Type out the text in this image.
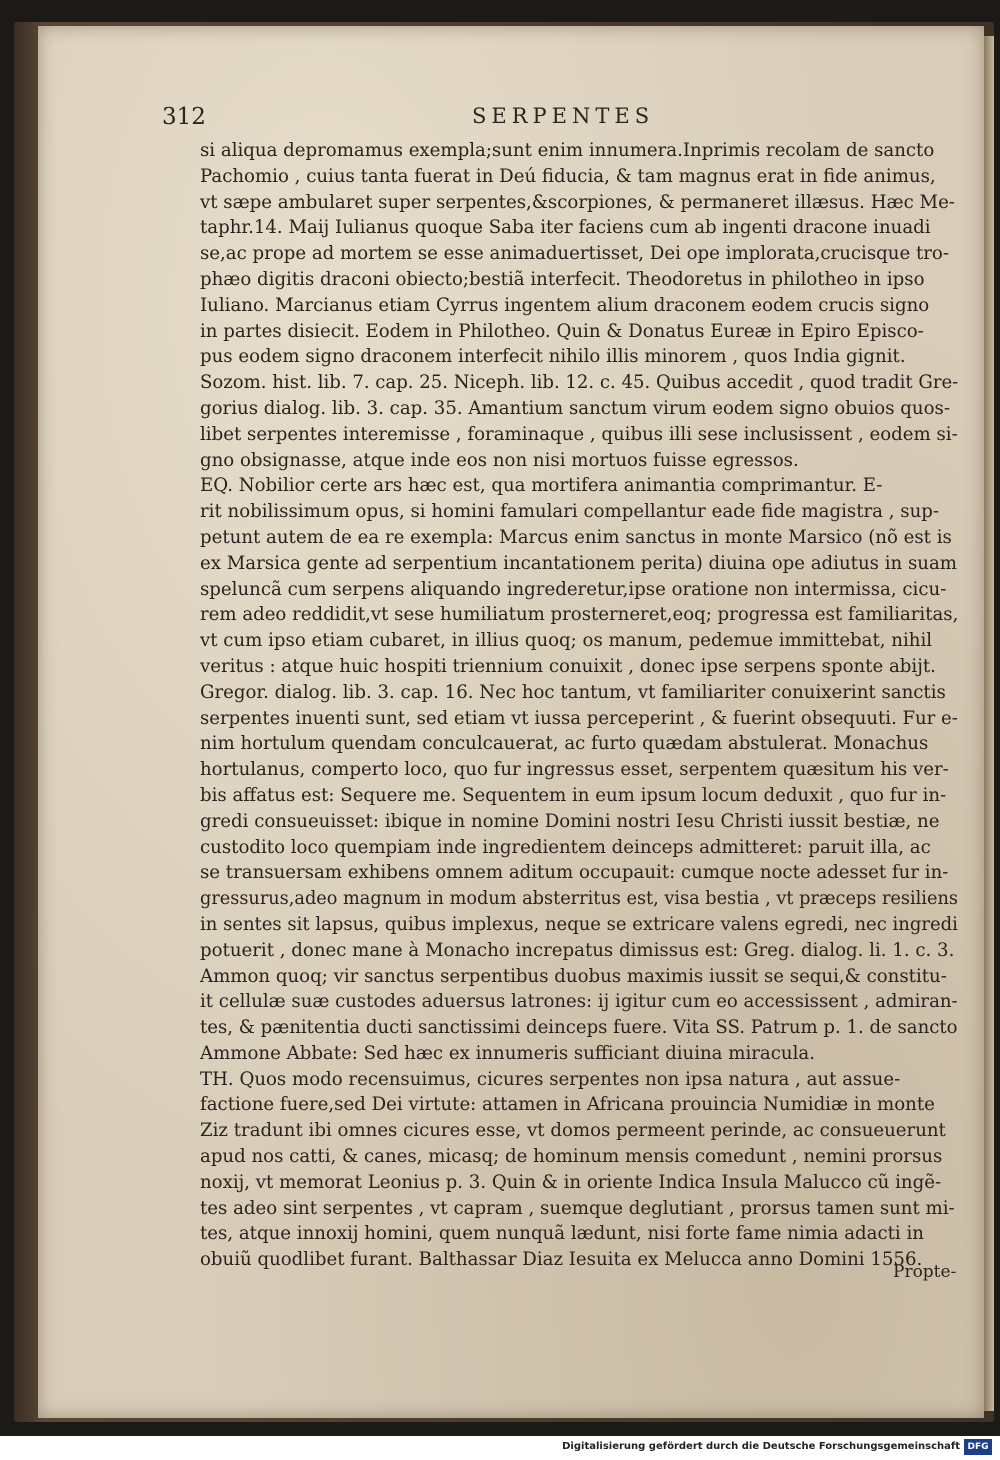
312	SERPENTES
si aliqua depromamus exempla;sunt enim innumera.Inprimis recolam de sancto
Pachomio , cuius tanta fuerat in Deú fiducia, & tam magnus erat in fide animus,
vt sæpe ambularet super serpentes,&scorpiones, & permaneret illæsus. Hæc Me-
taphr.14. Maij Iulianus quoque Saba iter faciens cum ab ingenti dracone inuadi
se,ac prope ad mortem se esse animaduertisset, Dei ope implorata,crucisque tro-
phæo digitis draconi obiecto;bestiã interfecit. Theodoretus in philotheo in ipso
Iuliano. Marcianus etiam Cyrrus ingentem alium draconem eodem crucis signo
in partes disiecit. Eodem in Philotheo. Quin & Donatus Eureæ in Epiro Episco-
pus eodem signo draconem interfecit nihilo illis minorem , quos India gignit.
Sozom. hist. lib. 7. cap. 25. Niceph. lib. 12. c. 45. Quibus accedit , quod tradit Gre-
gorius dialog. lib. 3. cap. 35. Amantium sanctum virum eodem signo obuios quos-
libet serpentes interemisse , foraminaque , quibus illi sese inclusissent , eodem si-
gno obsignasse, atque inde eos non nisi mortuos fuisse egressos.
EQ. Nobilior certe ars hæc est, qua mortifera animantia comprimantur. E-
rit nobilissimum opus, si homini famulari compellantur eade fide magistra , sup-
petunt autem de ea re exempla: Marcus enim sanctus in monte Marsico (nõ est is
ex Marsica gente ad serpentium incantationem perita) diuina ope adiutus in suam
speluncã cum serpens aliquando ingrederetur,ipse oratione non intermissa, cicu-
rem adeo reddidit,vt sese humiliatum prosterneret,eoq; progressa est familiaritas,
vt cum ipso etiam cubaret, in illius quoq; os manum, pedemue immittebat, nihil
veritus : atque huic hospiti triennium conuixit , donec ipse serpens sponte abijt.
Gregor. dialog. lib. 3. cap. 16. Nec hoc tantum, vt familiariter conuixerint sanctis
serpentes inuenti sunt, sed etiam vt iussa perceperint , & fuerint obsequuti. Fur e-
nim hortulum quendam conculcauerat, ac furto quædam abstulerat. Monachus
hortulanus, comperto loco, quo fur ingressus esset, serpentem quæsitum his ver-
bis affatus est: Sequere me. Sequentem in eum ipsum locum deduxit , quo fur in-
gredi consueuisset: ibique in nomine Domini nostri Iesu Christi iussit bestiæ, ne
custodito loco quempiam inde ingredientem deinceps admitteret: paruit illa, ac
se transuersam exhibens omnem aditum occupauit: cumque nocte adesset fur in-
gressurus,adeo magnum in modum absterritus est, visa bestia , vt præceps resiliens
in sentes sit lapsus, quibus implexus, neque se extricare valens egredi, nec ingredi
potuerit , donec mane à Monacho increpatus dimissus est: Greg. dialog. li. 1. c. 3.
Ammon quoq; vir sanctus serpentibus duobus maximis iussit se sequi,& constitu-
it cellulæ suæ custodes aduersus latrones: ij igitur cum eo accessissent , admiran-
tes, & pænitentia ducti sanctissimi deinceps fuere. Vita SS. Patrum p. 1. de sancto
Ammone Abbate: Sed hæc ex innumeris sufficiant diuina miracula.
TH. Quos modo recensuimus, cicures serpentes non ipsa natura , aut assue-
factione fuere,sed Dei virtute: attamen in Africana prouincia Numidiæ in monte
Ziz tradunt ibi omnes cicures esse, vt domos permeent perinde, ac consueuerunt
apud nos catti, & canes, micasq; de hominum mensis comedunt , nemini prorsus
noxij, vt memorat Leonius p. 3. Quin & in oriente Indica Insula Malucco cũ ingẽ-
tes adeo sint serpentes , vt capram , suemque deglutiant , prorsus tamen sunt mi-
tes, atque innoxij homini, quem nunquã lædunt, nisi forte fame nimia adacti in
obuiũ quodlibet furant. Balthassar Diaz Iesuita ex Melucca anno Domini 1556.
Propte-
Digitalisierung gefördert durch die Deutsche Forschungsgemeinschaft DFG
